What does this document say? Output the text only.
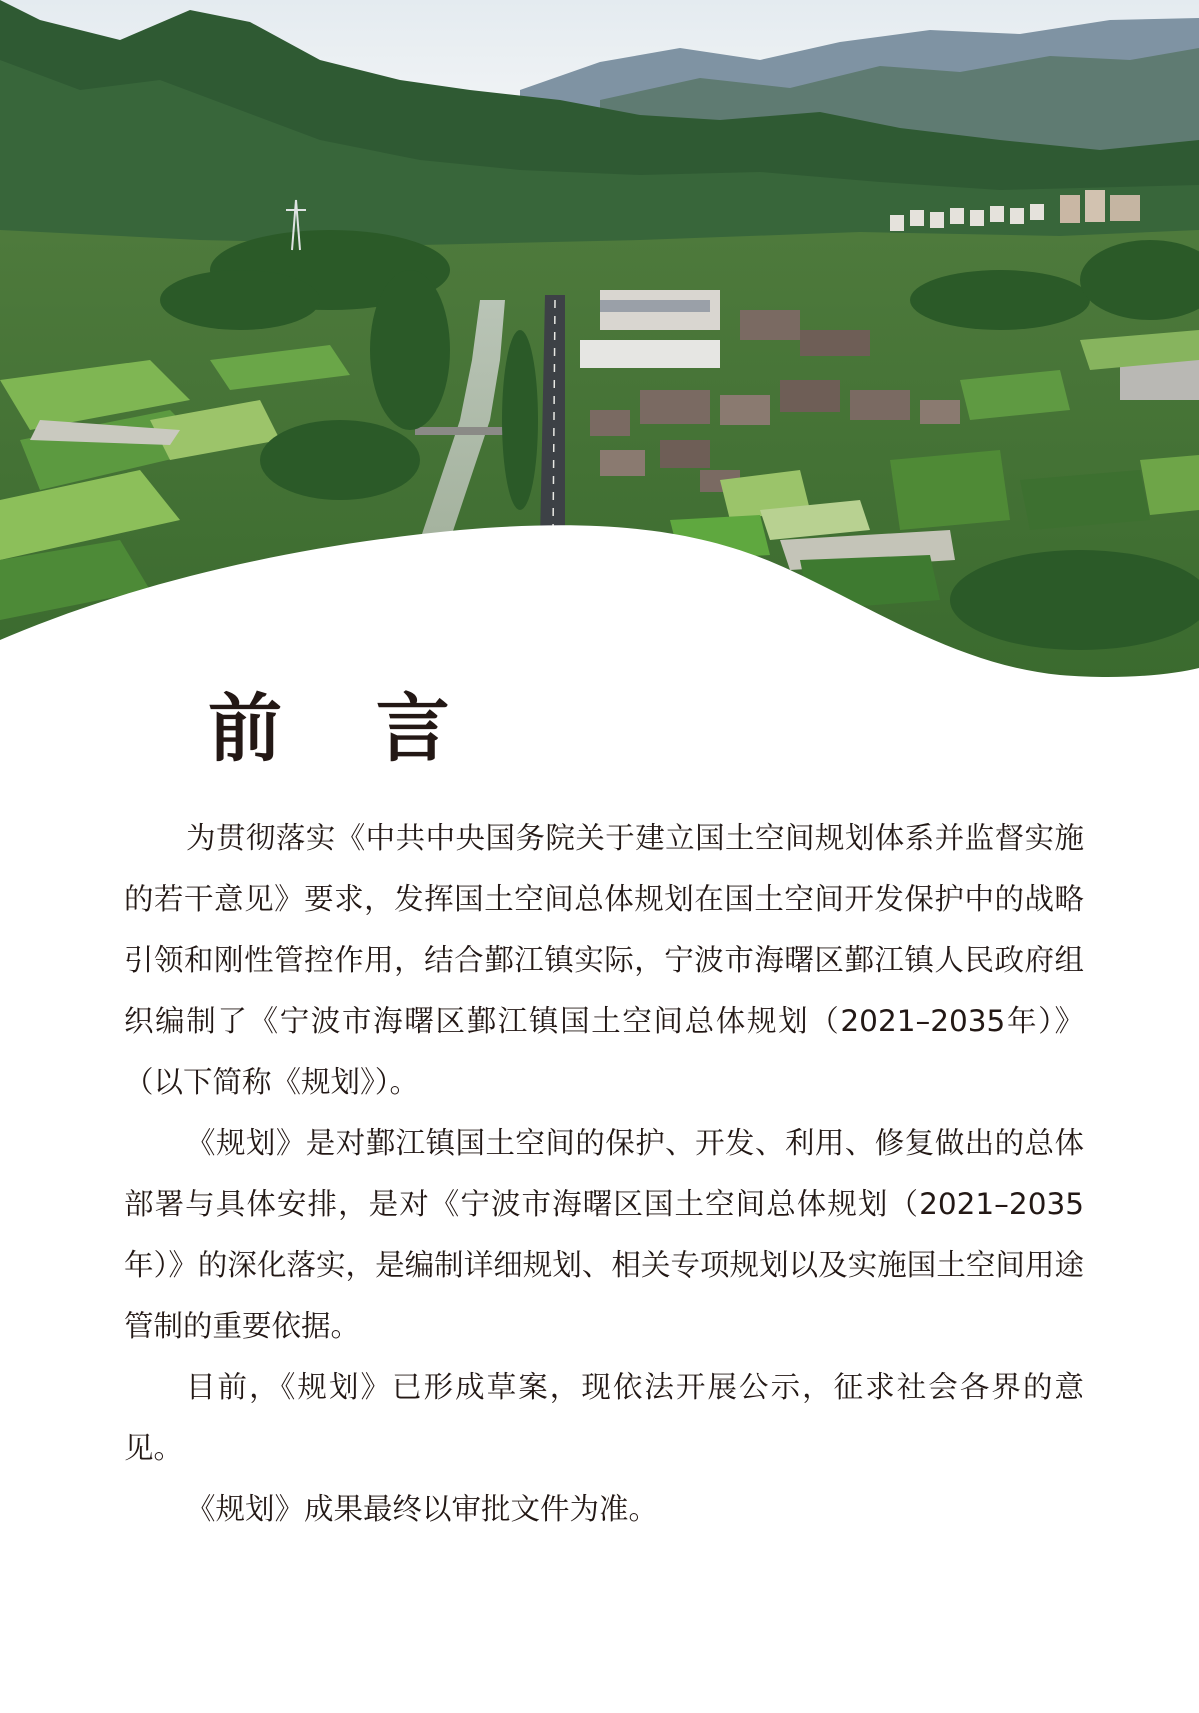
前 言

为贯彻落实《中共中央国务院关于建立国土空间规划体系并监督实施的若干意见》要求，发挥国土空间总体规划在国土空间开发保护中的战略引领和刚性管控作用，结合鄞江镇实际，宁波市海曙区鄞江镇人民政府组织编制了《宁波市海曙区鄞江镇国土空间总体规划（2021–2035年）》（以下简称《规划》）。

《规划》是对鄞江镇国土空间的保护、开发、利用、修复做出的总体部署与具体安排，是对《宁波市海曙区国土空间总体规划（2021–2035年）》的深化落实，是编制详细规划、相关专项规划以及实施国土空间用途管制的重要依据。

目前，《规划》已形成草案，现依法开展公示，征求社会各界的意见。

《规划》成果最终以审批文件为准。
